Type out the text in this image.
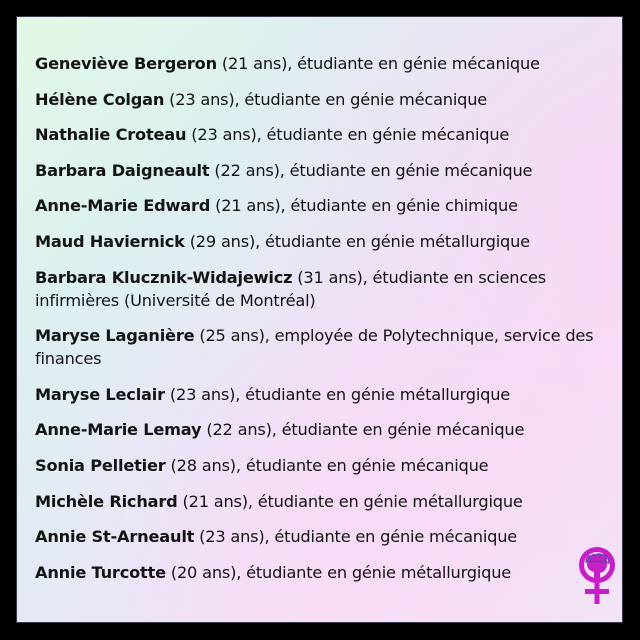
Geneviève Bergeron (21 ans), étudiante en génie mécanique
Hélène Colgan (23 ans), étudiante en génie mécanique
Nathalie Croteau (23 ans), étudiante en génie mécanique
Barbara Daigneault (22 ans), étudiante en génie mécanique
Anne-Marie Edward (21 ans), étudiante en génie chimique
Maud Haviernick (29 ans), étudiante en génie métallurgique
Barbara Klucznik-Widajewicz (31 ans), étudiante en sciences infirmières (Université de Montréal)
Maryse Laganière (25 ans), employée de Polytechnique, service des finances
Maryse Leclair (23 ans), étudiante en génie métallurgique
Anne-Marie Lemay (22 ans), étudiante en génie mécanique
Sonia Pelletier (28 ans), étudiante en génie mécanique
Michèle Richard (21 ans), étudiante en génie métallurgique
Annie St-Arneault (23 ans), étudiante en génie mécanique
Annie Turcotte (20 ans), étudiante en génie métallurgique
